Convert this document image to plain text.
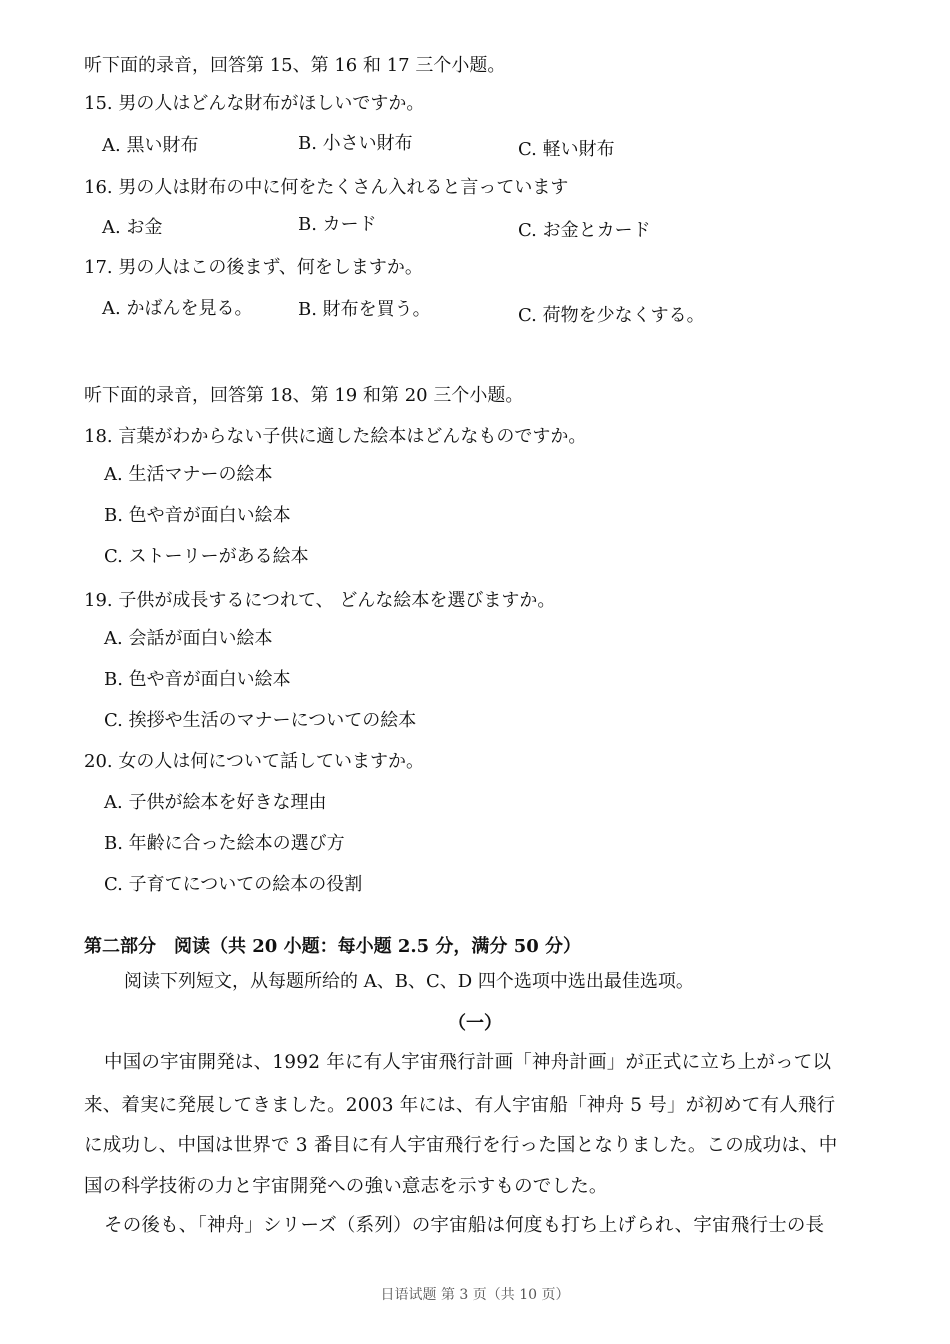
听下面的录音，回答第 15、第 16 和 17 三个小题。
15. 男の人はどんな財布がほしいですか。
A. 黒い財布	B. 小さい財布	C. 軽い財布
16. 男の人は財布の中に何をたくさん入れると言っています
A. お金	B. カード	C. お金とカード
17. 男の人はこの後まず、何をしますか。
A. かばんを見る。	B. 財布を買う。	C. 荷物を少なくする。
听下面的录音，回答第 18、第 19 和第 20 三个小题。
18. 言葉がわからない子供に適した絵本はどんなものですか。
A. 生活マナーの絵本
B. 色や音が面白い絵本
C. ストーリーがある絵本
19. 子供が成長するにつれて、 どんな絵本を選びますか。
A. 会話が面白い絵本
B. 色や音が面白い絵本
C. 挨拶や生活のマナーについての絵本
20. 女の人は何について話していますか。
A. 子供が絵本を好きな理由
B. 年齢に合った絵本の選び方
C. 子育てについての絵本の役割
第二部分　阅读（共 20 小题：每小题 2.5 分，满分 50 分）
阅读下列短文，从每题所给的 A、B、C、D 四个选项中选出最佳选项。
（一）
中国の宇宙開発は、1992 年に有人宇宙飛行計画「神舟計画」が正式に立ち上がって以
来、着実に発展してきました。2003 年には、有人宇宙船「神舟 5 号」が初めて有人飛行
に成功し、中国は世界で 3 番目に有人宇宙飛行を行った国となりました。この成功は、中
国の科学技術の力と宇宙開発への強い意志を示すものでした。
その後も、「神舟」シリーズ（系列）の宇宙船は何度も打ち上げられ、宇宙飛行士の長
日语试题 第 3 页（共 10 页）
